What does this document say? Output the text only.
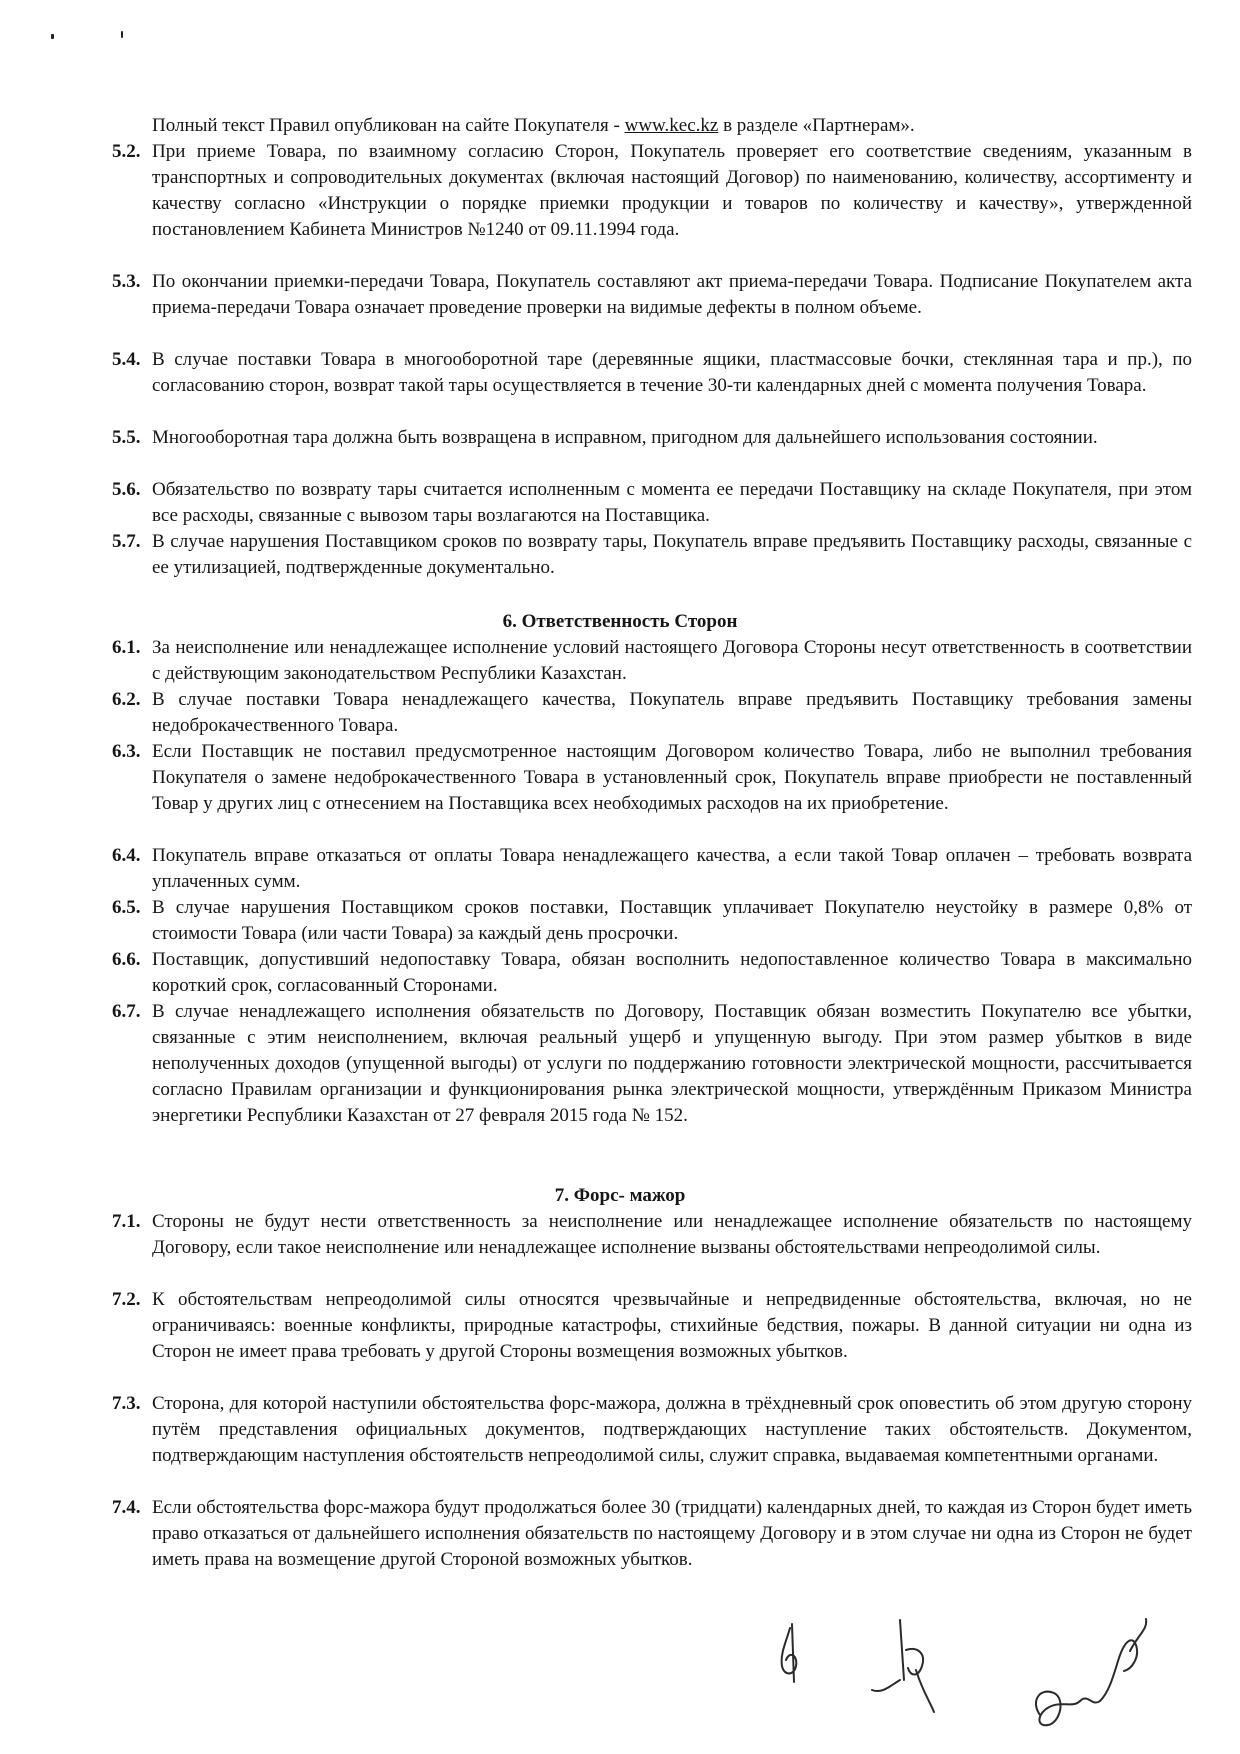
Полный текст Правил опубликован на сайте Покупателя - www.kec.kz в разделе «Партнерам».

5.2. При приеме Товара, по взаимному согласию Сторон, Покупатель проверяет его соответствие сведениям, указанным в транспортных и сопроводительных документах (включая настоящий Договор) по наименованию, количеству, ассортименту и качеству согласно «Инструкции о порядке приемки продукции и товаров по количеству и качеству», утвержденной постановлением Кабинета Министров №1240 от 09.11.1994 года.
5.3. По окончании приемки-передачи Товара, Покупатель составляют акт приема-передачи Товара. Подписание Покупателем акта приема-передачи Товара означает проведение проверки на видимые дефекты в полном объеме.
5.4. В случае поставки Товара в многооборотной таре (деревянные ящики, пластмассовые бочки, стеклянная тара и пр.), по согласованию сторон, возврат такой тары осуществляется в течение 30-ти календарных дней с момента получения Товара.
5.5. Многооборотная тара должна быть возвращена в исправном, пригодном для дальнейшего использования состоянии.
5.6. Обязательство по возврату тары считается исполненным с момента ее передачи Поставщику на складе Покупателя, при этом все расходы, связанные с вывозом тары возлагаются на Поставщика.
5.7. В случае нарушения Поставщиком сроков по возврату тары, Покупатель вправе предъявить Поставщику расходы, связанные с ее утилизацией, подтвержденные документально.

6. Ответственность Сторон

6.1. За неисполнение или ненадлежащее исполнение условий настоящего Договора Стороны несут ответственность в соответствии с действующим законодательством Республики Казахстан.
6.2. В случае поставки Товара ненадлежащего качества, Покупатель вправе предъявить Поставщику требования замены недоброкачественного Товара.
6.3. Если Поставщик не поставил предусмотренное настоящим Договором количество Товара, либо не выполнил требования Покупателя о замене недоброкачественного Товара в установленный срок, Покупатель вправе приобрести не поставленный Товар у других лиц с отнесением на Поставщика всех необходимых расходов на их приобретение.
6.4. Покупатель вправе отказаться от оплаты Товара ненадлежащего качества, а если такой Товар оплачен – требовать возврата уплаченных сумм.
6.5. В случае нарушения Поставщиком сроков поставки, Поставщик уплачивает Покупателю неустойку в размере 0,8% от стоимости Товара (или части Товара) за каждый день просрочки.
6.6. Поставщик, допустивший недопоставку Товара, обязан восполнить недопоставленное количество Товара в максимально короткий срок, согласованный Сторонами.
6.7. В случае ненадлежащего исполнения обязательств по Договору, Поставщик обязан возместить Покупателю все убытки, связанные с этим неисполнением, включая реальный ущерб и упущенную выгоду. При этом размер убытков в виде неполученных доходов (упущенной выгоды) от услуги по поддержанию готовности электрической мощности, рассчитывается согласно Правилам организации и функционирования рынка электрической мощности, утверждённым Приказом Министра энергетики Республики Казахстан от 27 февраля 2015 года № 152.

7. Форс- мажор

7.1. Стороны не будут нести ответственность за неисполнение или ненадлежащее исполнение обязательств по настоящему Договору, если такое неисполнение или ненадлежащее исполнение вызваны обстоятельствами непреодолимой силы.
7.2. К обстоятельствам непреодолимой силы относятся чрезвычайные и непредвиденные обстоятельства, включая, но не ограничиваясь: военные конфликты, природные катастрофы, стихийные бедствия, пожары. В данной ситуации ни одна из Сторон не имеет права требовать у другой Стороны возмещения возможных убытков.
7.3. Сторона, для которой наступили обстоятельства форс-мажора, должна в трёхдневный срок оповестить об этом другую сторону путём представления официальных документов, подтверждающих наступление таких обстоятельств. Документом, подтверждающим наступления обстоятельств непреодолимой силы, служит справка, выдаваемая компетентными органами.
7.4. Если обстоятельства форс-мажора будут продолжаться более 30 (тридцати) календарных дней, то каждая из Сторон будет иметь право отказаться от дальнейшего исполнения обязательств по настоящему Договору и в этом случае ни одна из Сторон не будет иметь права на возмещение другой Стороной возможных убытков.
